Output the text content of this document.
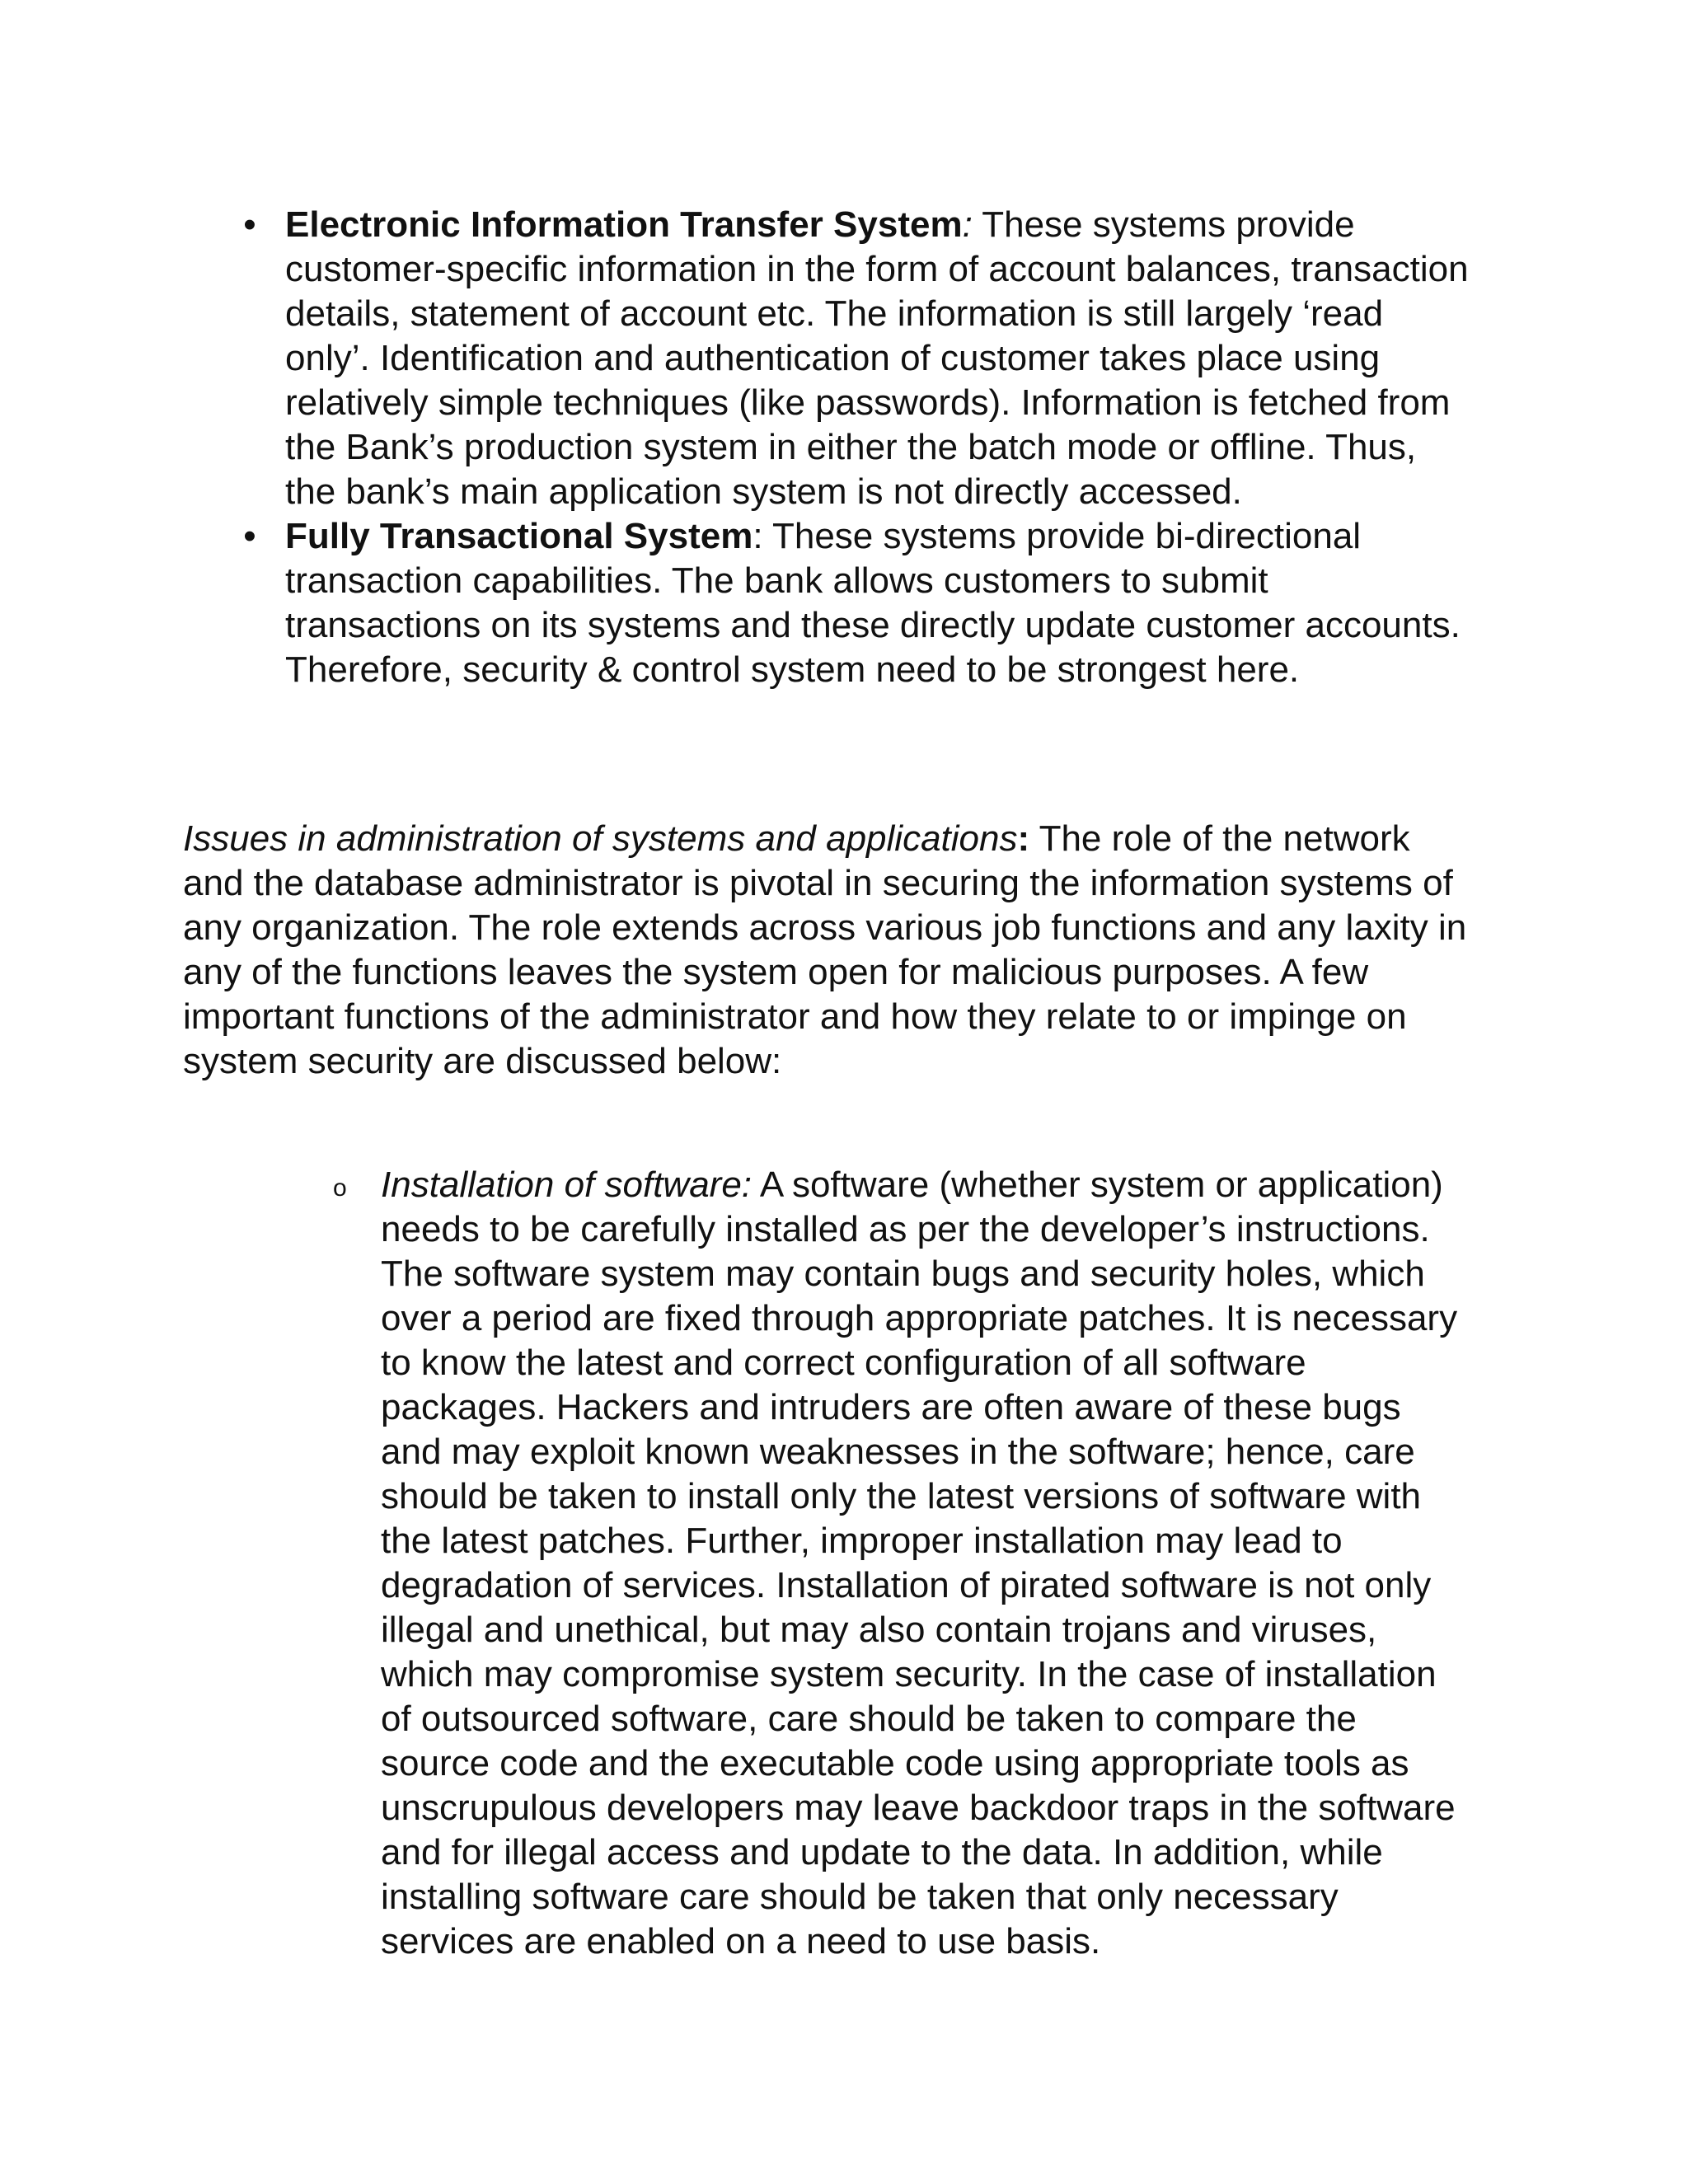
• Electronic Information Transfer System: These systems provide customer-specific information in the form of account balances, transaction details, statement of account etc. The information is still largely ‘read only’. Identification and authentication of customer takes place using relatively simple techniques (like passwords). Information is fetched from the Bank’s production system in either the batch mode or offline. Thus, the bank’s main application system is not directly accessed.
• Fully Transactional System: These systems provide bi-directional transaction capabilities. The bank allows customers to submit transactions on its systems and these directly update customer accounts. Therefore, security & control system need to be strongest here.
Issues in administration of systems and applications: The role of the network and the database administrator is pivotal in securing the information systems of any organization. The role extends across various job functions and any laxity in any of the functions leaves the system open for malicious purposes. A few important functions of the administrator and how they relate to or impinge on system security are discussed below:
o Installation of software: A software (whether system or application) needs to be carefully installed as per the developer’s instructions. The software system may contain bugs and security holes, which over a period are fixed through appropriate patches. It is necessary to know the latest and correct configuration of all software packages. Hackers and intruders are often aware of these bugs and may exploit known weaknesses in the software; hence, care should be taken to install only the latest versions of software with the latest patches. Further, improper installation may lead to degradation of services. Installation of pirated software is not only illegal and unethical, but may also contain trojans and viruses, which may compromise system security. In the case of installation of outsourced software, care should be taken to compare the source code and the executable code using appropriate tools as unscrupulous developers may leave backdoor traps in the software and for illegal access and update to the data. In addition, while installing software care should be taken that only necessary services are enabled on a need to use basis.
